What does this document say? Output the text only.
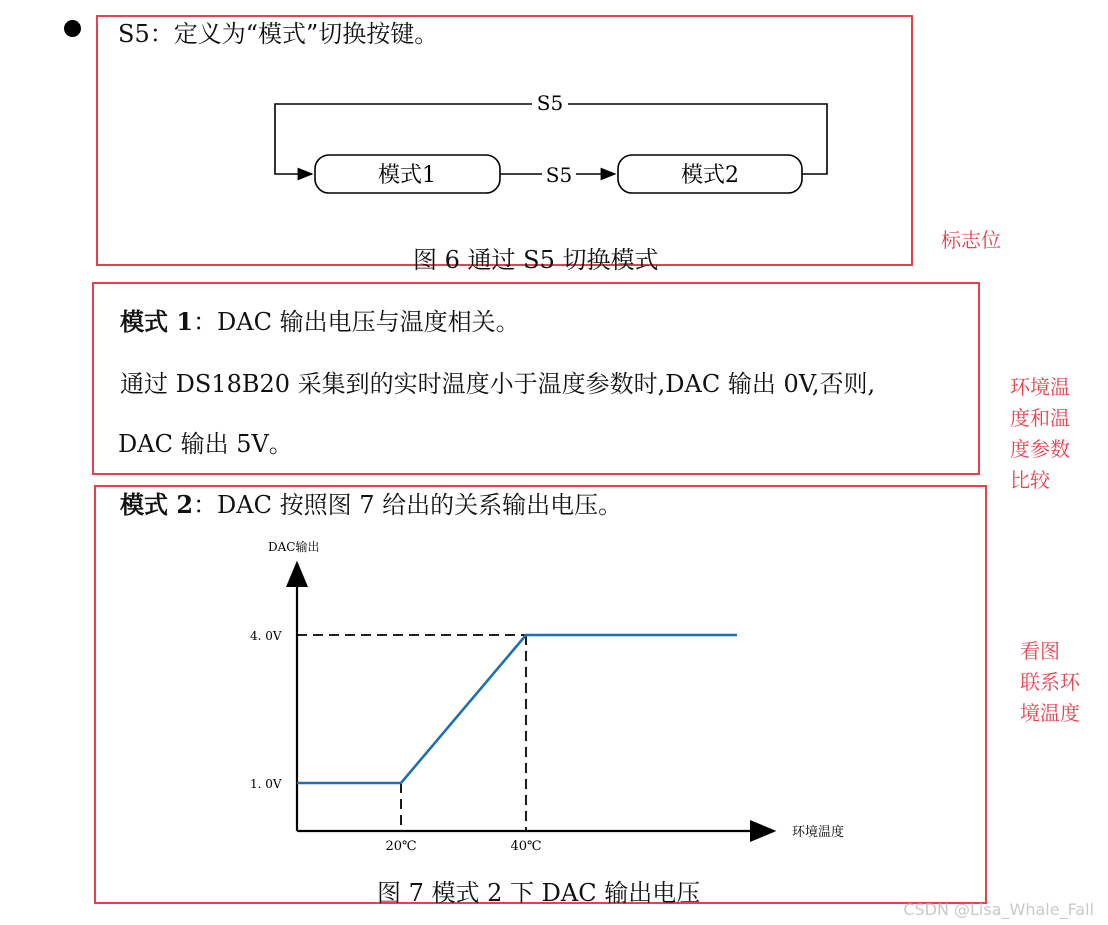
S5：定义为“模式”切换按键。
S5
S5
模式1	模式2
图 6 通过 S5 切换模式
标志位
模式 1：DAC 输出电压与温度相关。
通过 DS18B20 采集到的实时温度小于温度参数时,DAC 输出 0V,否则,
DAC 输出 5V。
环境温
度和温
度参数
比较
模式 2：DAC 按照图 7 给出的关系输出电压。
DAC输出
环境温度
4. 0V
1. 0V
20℃	40℃
图 7 模式 2 下 DAC 输出电压
看图
联系环
境温度
CSDN @Lisa_Whale_Fall
